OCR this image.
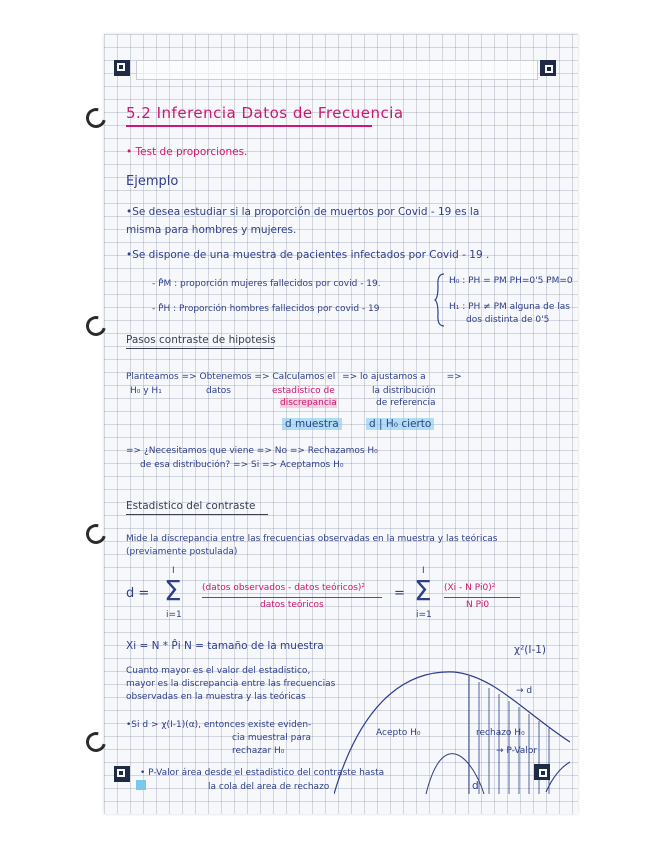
5.2 Inferencia Datos de Frecuencia
• Test de proporciones.
Ejemplo
•Se desea estudiar si la proporción de muertos por Covid - 19 es la
misma para hombres y mujeres.
•Se dispone de una muestra de pacientes infectados por Covid - 19 .
- P̂M : proporción mujeres fallecidos por covid - 19.
- P̂H : Proporción hombres fallecidos por covid - 19
H₀ : PH = PM PH=0'5 PM=0
H₁ : PH ≠ PM alguna de las
dos distinta de 0'5
Pasos contraste de hipotesis
Planteamos => Obtenemos => Calculamos el => lo ajustamos a =>
H₀ y H₁	datos	estadistico de
discrepancia
la distribución
de referencia
d muestra	d | H₀ cierto
=> ¿Necesitamos que viene => No => Rechazamos H₀
de esa distribución? => Si => Aceptamos H₀
Estadistico del contraste
Mide la discrepancia entre las frecuencias observadas en la muestra y las teóricas
(previamente postulada)
d =
I
Σ
i=1
(datos observados - datos teóricos)²
datos teóricos
=
I
Σ
i=1
(Xi - N Pi0)²
N Pi0
Xi = N * P̂i N = tamaño de la muestra	χ²(I-1)
Cuanto mayor es el valor del estadistico,
mayor es la discrepancia entre las frecuencias
observadas en la muestra y las teóricas
→ d
•Si d > χ(I-1)(α), entonces existe eviden-
cia muestral para
rechazar H₀
Acepto H₀	rechazo H₀
→ P-Valor
• P-Valor área desde el estadistico del contraste hasta
la cola del area de rechazo	d
